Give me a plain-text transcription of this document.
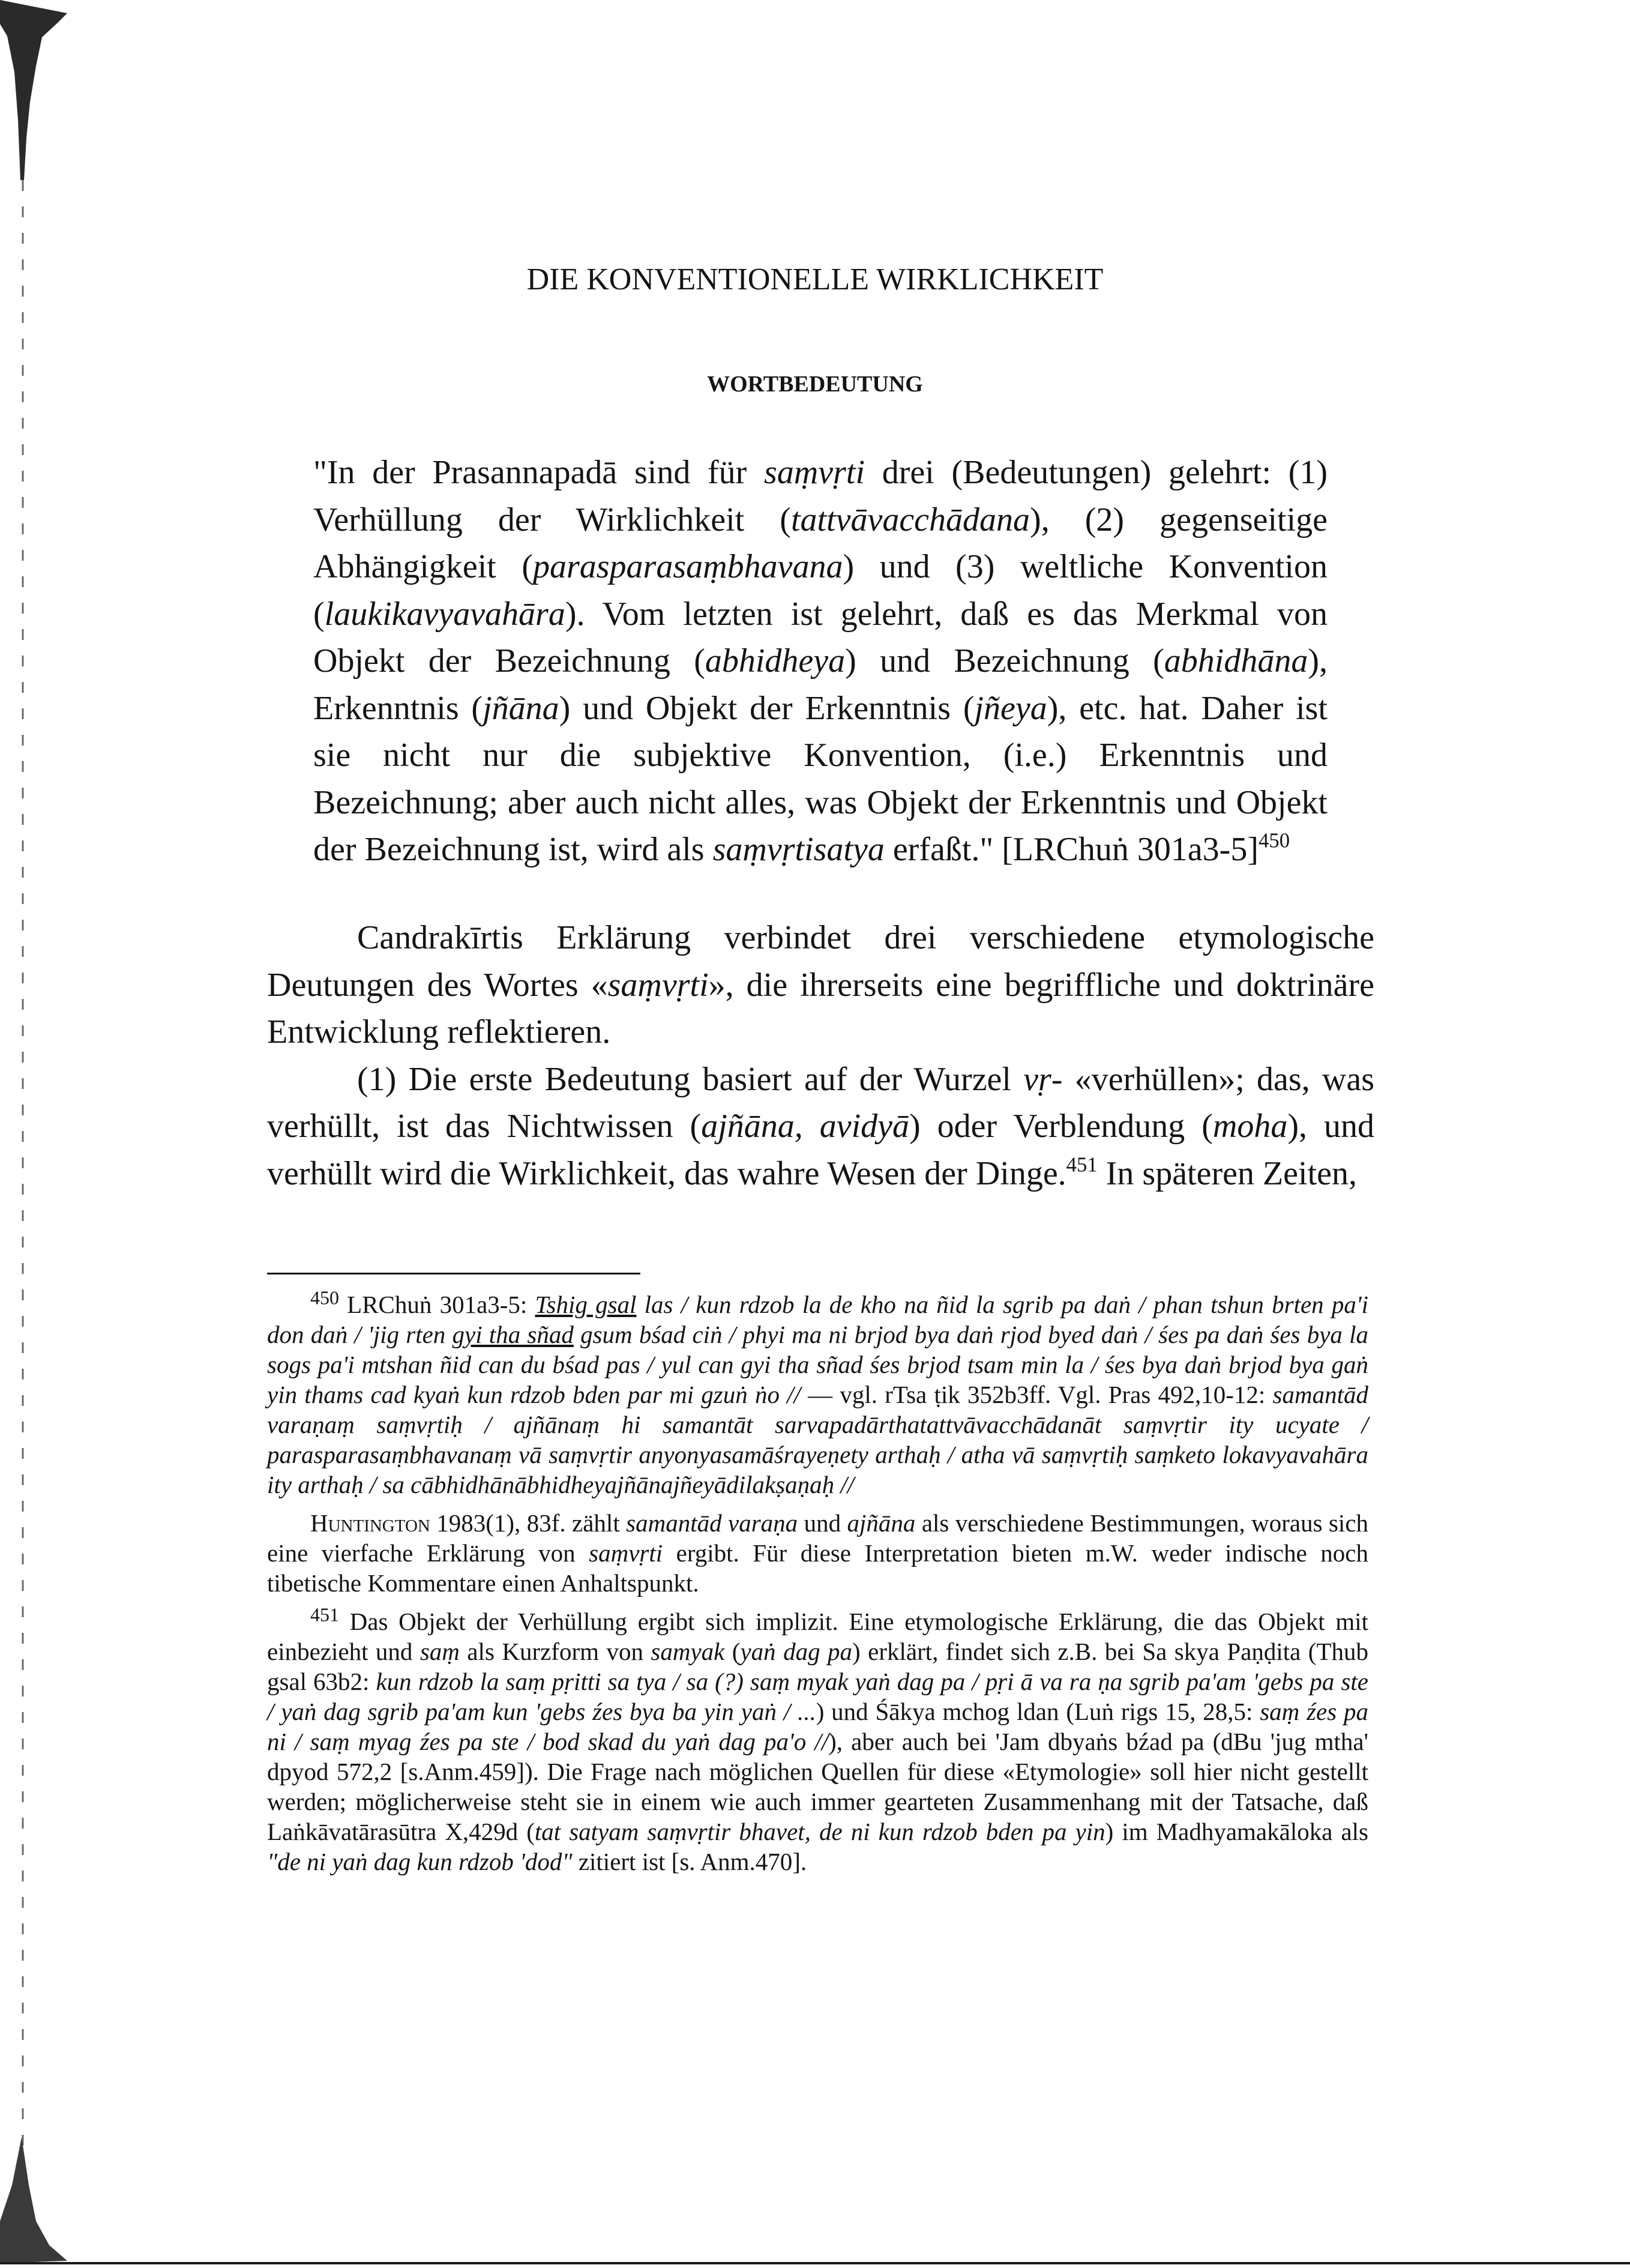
DIE KONVENTIONELLE WIRKLICHKEIT
WORTBEDEUTUNG
"In der Prasannapadā sind für saṃvṛti drei (Bedeutungen) gelehrt: (1) Verhüllung der Wirklichkeit (tattvāvacchādana), (2) gegenseitige Abhängigkeit (parasparasaṃbhavana) und (3) weltliche Konvention (laukikavyavahāra). Vom letzten ist gelehrt, daß es das Merkmal von Objekt der Bezeichnung (abhidheya) und Bezeichnung (abhidhāna), Erkenntnis (jñāna) und Objekt der Erkenntnis (jñeya), etc. hat. Daher ist sie nicht nur die subjektive Konvention, (i.e.) Erkenntnis und Bezeichnung; aber auch nicht alles, was Objekt der Erkenntnis und Objekt der Bezeichnung ist, wird als saṃvṛtisatya erfaßt." [LRChuṅ 301a3-5]$^{450}$

Candrakīrtis Erklärung verbindet drei verschiedene etymologische Deutungen des Wortes «saṃvṛti», die ihrerseits eine begriffliche und doktrinäre Entwicklung reflektieren.

(1) Die erste Bedeutung basiert auf der Wurzel vṛ- «verhüllen»; das, was verhüllt, ist das Nichtwissen (ajñāna, avidyā) oder Verblendung (moha), und verhüllt wird die Wirklichkeit, das wahre Wesen der Dinge.$^{451}$ In späteren Zeiten,

$^{450}$ LRChuṅ 301a3-5: Tshig gsal las / kun rdzob la de kho na ñid la sgrib pa daṅ / phan tshun brten pa'i don daṅ / 'jig rten gyi tha sñad gsum bśad ciṅ / phyi ma ni brjod bya daṅ rjod byed daṅ / śes pa daṅ śes bya la sogs pa'i mtshan ñid can du bśad pas / yul can gyi tha sñad śes brjod tsam min la / śes bya daṅ brjod bya gaṅ yin thams cad kyaṅ kun rdzob bden par mi gzuṅ ṅo // — vgl. rTsa ṭik 352b3ff. Vgl. Pras 492,10-12: samantād varaṇaṃ saṃvṛtiḥ / ajñānaṃ hi samantāt sarvapadārthatattvāvacchādanāt saṃvṛtir ity ucyate / parasparasaṃbhavanaṃ vā saṃvṛtir anyonyasamāśrayeṇety arthaḥ / atha vā saṃvṛtiḥ saṃketo lokavyavahāra ity arthaḥ / sa cābhidhānābhidheyajñānajñeyādilakṣaṇaḥ //

Huntington 1983(1), 83f. zählt samantād varaṇa und ajñāna als verschiedene Bestimmungen, woraus sich eine vierfache Erklärung von saṃvṛti ergibt. Für diese Interpretation bieten m.W. weder indische noch tibetische Kommentare einen Anhaltspunkt.

$^{451}$ Das Objekt der Verhüllung ergibt sich implizit. Eine etymologische Erklärung, die das Objekt mit einbezieht und saṃ als Kurzform von samyak (yaṅ dag pa) erklärt, findet sich z.B. bei Sa skya Paṇḍita (Thub gsal 63b2: kun rdzob la saṃ pṛitti sa tya / sa (?) saṃ myak yaṅ dag pa / pṛi ā va ra ṇa sgrib pa'am 'gebs pa ste / yaṅ dag sgrib pa'am kun 'gebs źes bya ba yin yaṅ / ...) und Śākya mchog ldan (Luṅ rigs 15, 28,5: saṃ źes pa ni / saṃ myag źes pa ste / bod skad du yaṅ dag pa'o //), aber auch bei 'Jam dbyaṅs bźad pa (dBu 'jug mtha' dpyod 572,2 [s.Anm.459]). Die Frage nach möglichen Quellen für diese «Etymologie» soll hier nicht gestellt werden; möglicherweise steht sie in einem wie auch immer gearteten Zusammenhang mit der Tatsache, daß Laṅkāvatārasūtra X,429d (tat satyam saṃvṛtir bhavet, de ni kun rdzob bden pa yin) im Madhyamakāloka als "de ni yaṅ dag kun rdzob 'dod" zitiert ist [s. Anm.470].
